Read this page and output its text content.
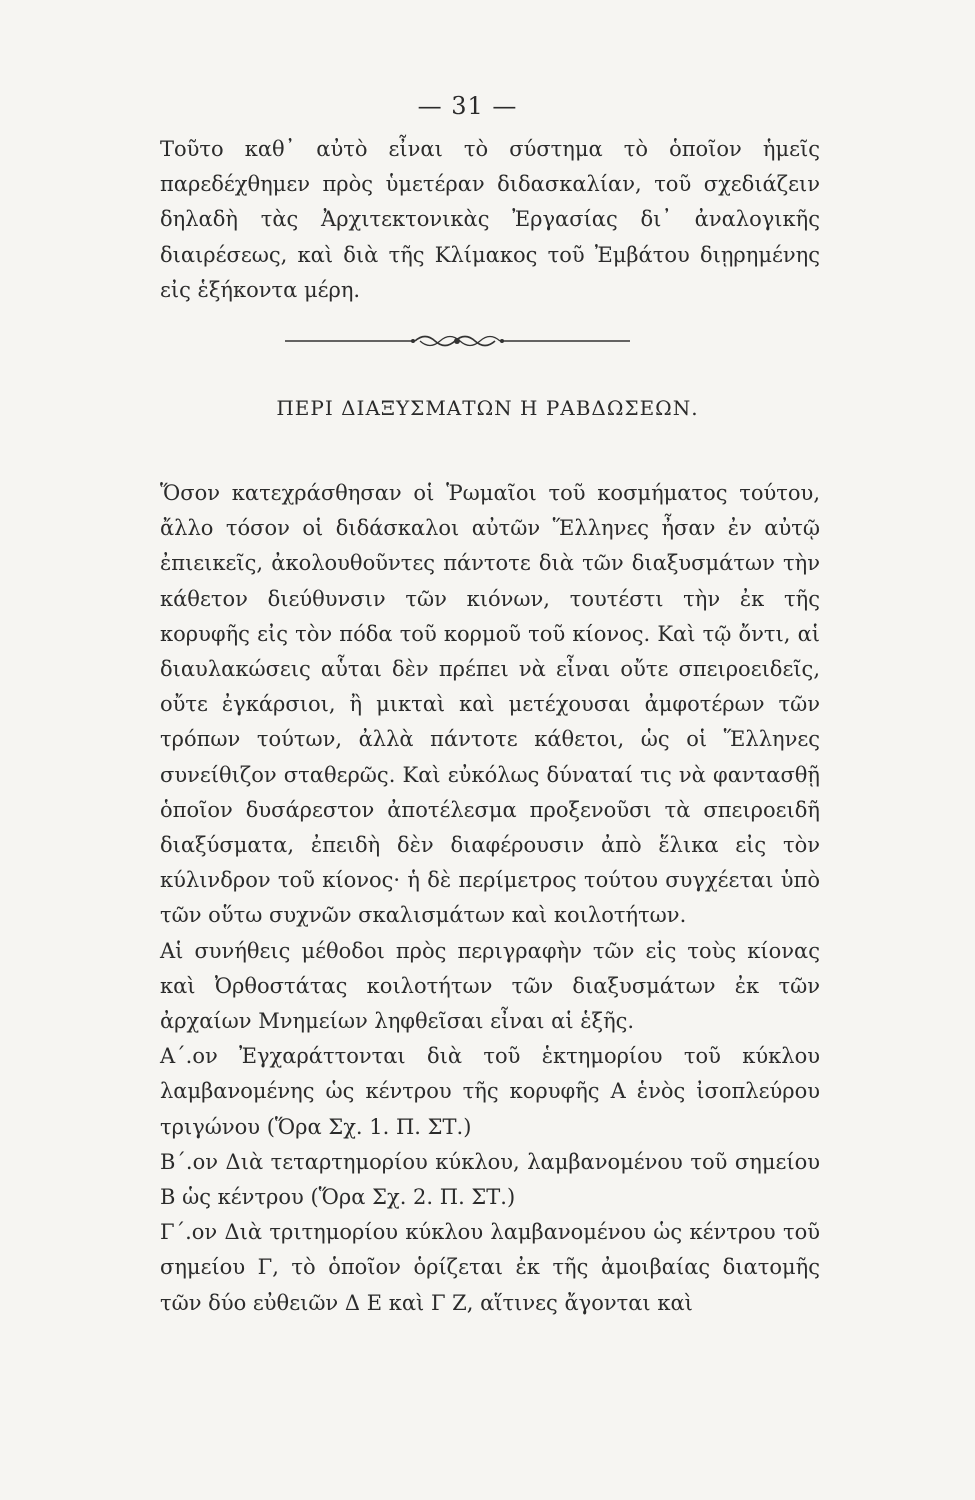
— 31 —

Τοῦτο καθ᾽ αὐτὸ εἶναι τὸ σύστημα τὸ ὁποῖον ἡμεῖς παρεδέχθημεν πρὸς ὑμετέραν διδασκαλίαν, τοῦ σχεδιάζειν δηλαδὴ τὰς Ἀρχιτεκτονικὰς Ἐργασίας δι᾽ ἀναλογικῆς διαιρέσεως, καὶ διὰ τῆς Κλίμακος τοῦ Ἐμβάτου διῃρημένης εἰς ἑξήκοντα μέρη.

ΠΕΡΙ ΔΙΑΞΥΣΜΑΤΩΝ Η ΡΑΒΔΩΣΕΩΝ.

Ὅσον κατεχράσθησαν οἱ Ῥωμαῖοι τοῦ κοσμήματος τούτου, ἄλλο τόσον οἱ διδάσκαλοι αὐτῶν Ἕλληνες ἦσαν ἐν αὐτῷ ἐπιεικεῖς, ἀκολουθοῦντες πάντοτε διὰ τῶν διαξυσμάτων τὴν κάθετον διεύθυνσιν τῶν κιόνων, τουτέστι τὴν ἐκ τῆς κορυφῆς εἰς τὸν πόδα τοῦ κορμοῦ τοῦ κίονος. Καὶ τῷ ὄντι, αἱ διαυλακώσεις αὗται δὲν πρέπει νὰ εἶναι οὔτε σπειροειδεῖς, οὔτε ἐγκάρσιοι, ἢ μικταὶ καὶ μετέχουσαι ἀμφοτέρων τῶν τρόπων τούτων, ἀλλὰ πάντοτε κάθετοι, ὡς οἱ Ἕλληνες συνείθιζον σταθερῶς. Καὶ εὐκόλως δύναταί τις νὰ φαντασθῇ ὁποῖον δυσάρεστον ἀποτέλεσμα προξενοῦσι τὰ σπειροειδῆ διαξύσματα, ἐπειδὴ δὲν διαφέρουσιν ἀπὸ ἕλικα εἰς τὸν κύλινδρον τοῦ κίονος· ἡ δὲ περίμετρος τούτου συγχέεται ὑπὸ τῶν οὕτω συχνῶν σκαλισμάτων καὶ κοιλοτήτων.

Αἱ συνήθεις μέθοδοι πρὸς περιγραφὴν τῶν εἰς τοὺς κίονας καὶ Ὀρθοστάτας κοιλοτήτων τῶν διαξυσμάτων ἐκ τῶν ἀρχαίων Μνημείων ληφθεῖσαι εἶναι αἱ ἑξῆς.

Α΄.ον Ἐγχαράττονται διὰ τοῦ ἑκτημορίου τοῦ κύκλου λαμβανομένης ὡς κέντρου τῆς κορυφῆς Α ἑνὸς ἰσοπλεύρου τριγώνου (Ὅρα Σχ. 1. Π. ΣΤ.)

Β΄.ον Διὰ τεταρτημορίου κύκλου, λαμβανομένου τοῦ σημείου Β ὡς κέντρου (Ὅρα Σχ. 2. Π. ΣΤ.)

Γ΄.ον Διὰ τριτημορίου κύκλου λαμβανομένου ὡς κέντρου τοῦ σημείου Γ, τὸ ὁποῖον ὁρίζεται ἐκ τῆς ἀμοιβαίας διατομῆς τῶν δύο εὐθειῶν Δ Ε καὶ Γ Ζ, αἵτινες ἄγονται καὶ
